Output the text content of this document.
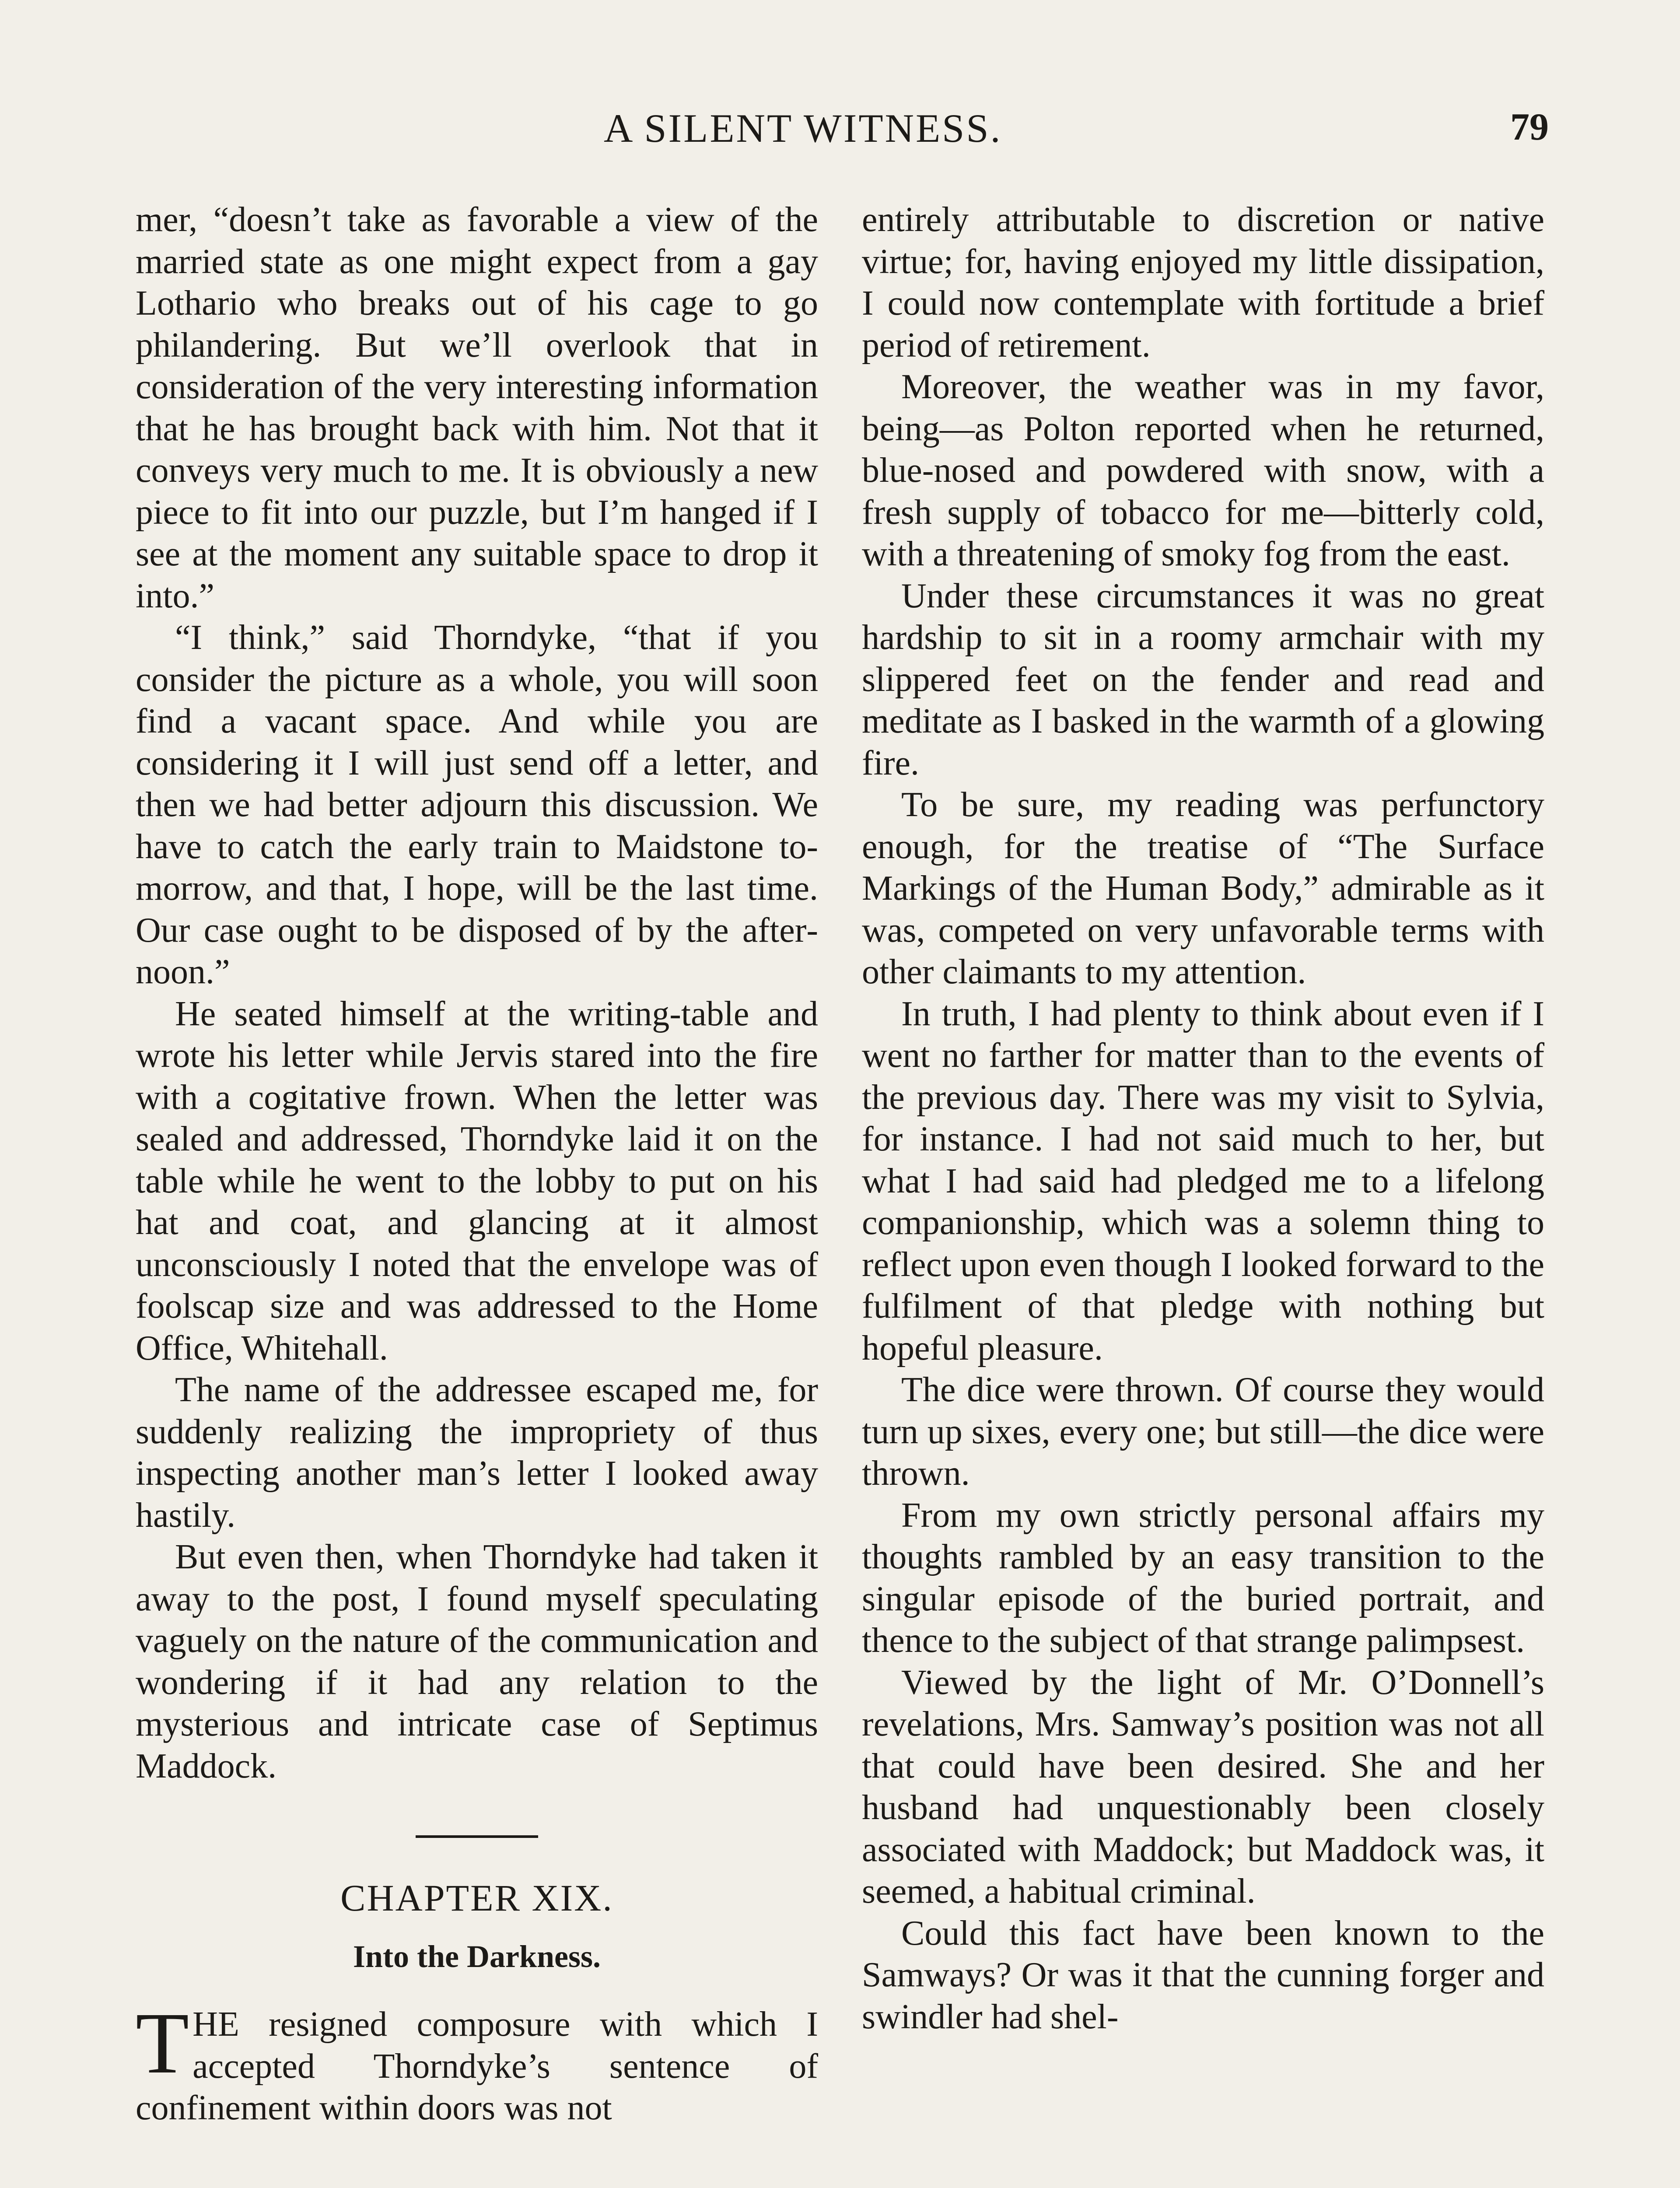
A SILENT WITNESS.	79

mer, “doesn’t take as favorable a view of the married state as one might expect from a gay Lothario who breaks out of his cage to go philandering. But we’ll overlook that in consideration of the very interesting information that he has brought back with him. Not that it conveys very much to me. It is obviously a new piece to fit into our puzzle, but I’m hanged if I see at the moment any suitable space to drop it into.”

“I think,” said Thorndyke, “that if you consider the picture as a whole, you will soon find a vacant space. And while you are considering it I will just send off a letter, and then we had better adjourn this discussion. We have to catch the early train to Maidstone to-morrow, and that, I hope, will be the last time. Our case ought to be disposed of by the afternoon.”

He seated himself at the writing-table and wrote his letter while Jervis stared into the fire with a cogitative frown. When the letter was sealed and addressed, Thorndyke laid it on the table while he went to the lobby to put on his hat and coat, and glancing at it almost unconsciously I noted that the envelope was of foolscap size and was addressed to the Home Office, Whitehall.

The name of the addressee escaped me, for suddenly realizing the impropriety of thus inspecting another man’s letter I looked away hastily.

But even then, when Thorndyke had taken it away to the post, I found myself speculating vaguely on the nature of the communication and wondering if it had any relation to the mysterious and intricate case of Septimus Maddock.

CHAPTER XIX.
Into the Darkness.

THE resigned composure with which I accepted Thorndyke’s sentence of confinement within doors was not

entirely attributable to discretion or native virtue; for, having enjoyed my little dissipation, I could now contemplate with fortitude a brief period of retirement.

Moreover, the weather was in my favor, being—as Polton reported when he returned, blue-nosed and powdered with snow, with a fresh supply of tobacco for me—bitterly cold, with a threatening of smoky fog from the east.

Under these circumstances it was no great hardship to sit in a roomy armchair with my slippered feet on the fender and read and meditate as I basked in the warmth of a glowing fire.

To be sure, my reading was perfunctory enough, for the treatise of “The Surface Markings of the Human Body,” admirable as it was, competed on very unfavorable terms with other claimants to my attention.

In truth, I had plenty to think about even if I went no farther for matter than to the events of the previous day. There was my visit to Sylvia, for instance. I had not said much to her, but what I had said had pledged me to a lifelong companionship, which was a solemn thing to reflect upon even though I looked forward to the fulfilment of that pledge with nothing but hopeful pleasure.

The dice were thrown. Of course they would turn up sixes, every one; but still—the dice were thrown.

From my own strictly personal affairs my thoughts rambled by an easy transition to the singular episode of the buried portrait, and thence to the subject of that strange palimpsest.

Viewed by the light of Mr. O’Donnell’s revelations, Mrs. Samway’s position was not all that could have been desired. She and her husband had unquestionably been closely associated with Maddock; but Maddock was, it seemed, a habitual criminal.

Could this fact have been known to the Samways? Or was it that the cunning forger and swindler had shel-
